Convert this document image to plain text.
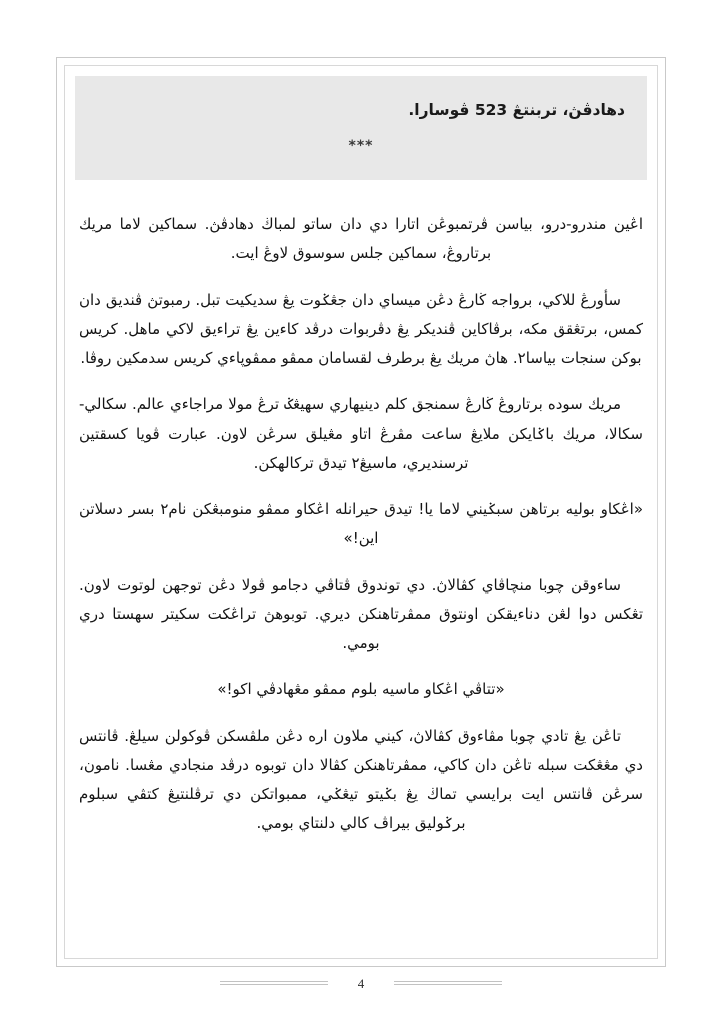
دهادڤڽ، تربنتڠ 523 ڤوسارا.

***

اڠين مندرو-درو، بياسن ڤرتمبوڠن اتارا دي دان ساتو لمباڬ دهادڤڽ. سماكين لاما مريك برتاروڠ، سماكين جلس سوسوق لاوڠ ايت.

سأورڠ للاكي، برواجه ڬارڠ دڠن ميساي دان جڠݢوت يڠ سديكيت تبل. رمبوتڽ ڤنديق دان کمس، برتڠقق مكه، برڤاكاين ڤنديكر يڠ دڤربوات درڤد كاءين يڠ تراءيق لاكي ماهل. كريس بوكن سنجات بياسا٢. هاڽ مريك يڠ برطرف لقسامان ممڤو ممڤوڽاءي كريس سدمكين روڤا.

مريك سوده برتاروڠ ڬارڠ سمنجق كلم دينيهاري سهيڠݢ ترڠ مولا مراجاءي عالم. سكالي-سكالا، مريك باݢايكن ملايڠ ساعت مڤرڠ اتاو مڠيلق سرڠن لاون. عبارت ڤويا كسقتين ترسنديري، ماسيڠ٢ تيدق تركالهكن.

«اڠكاو بوليه برتاهن سبݢيني لاما يا! تيدق حيرانله اڠكاو ممڤو منومبڠكن نام٢ بسر دسلاتن اين!»

ساءوقن چوبا منچاڤاي كڤالاڽ. دي توندوق ڤتاڤي دجامو ڤولا دڠن توجهن لوتوت لاون. تڠكس دوا لڠن دناءيقكن اونتوق ممڤرتاهنكن ديري. توبوهڽ تراڠكت سكيتر سهستا دري بومي.

«تتاڤي اڠكاو ماسيه بلوم ممڤو مڠهادڤي اكو!»

تاڠن يڠ تادي چوبا مڤاءوق كڤالاڽ، كيني ملاون اره دڠن ملڤسكن ڤوكولن سيلڠ. ڤانتس دي مڠڠكت سبله تاڠن دان كاكي، ممڤرتاهنكن كڤالا دان توبوه درڤد منجادي مڠسا. نامون، سرڠن ڤانتس ايت برايسي تماڬ يڠ بݢيتو تيڠݢي، ممبواتكن دي ترڤلنتيڠ كتڤي سبلوم برݢوليق بيراڤ كالي دلنتاي بومي.

4
